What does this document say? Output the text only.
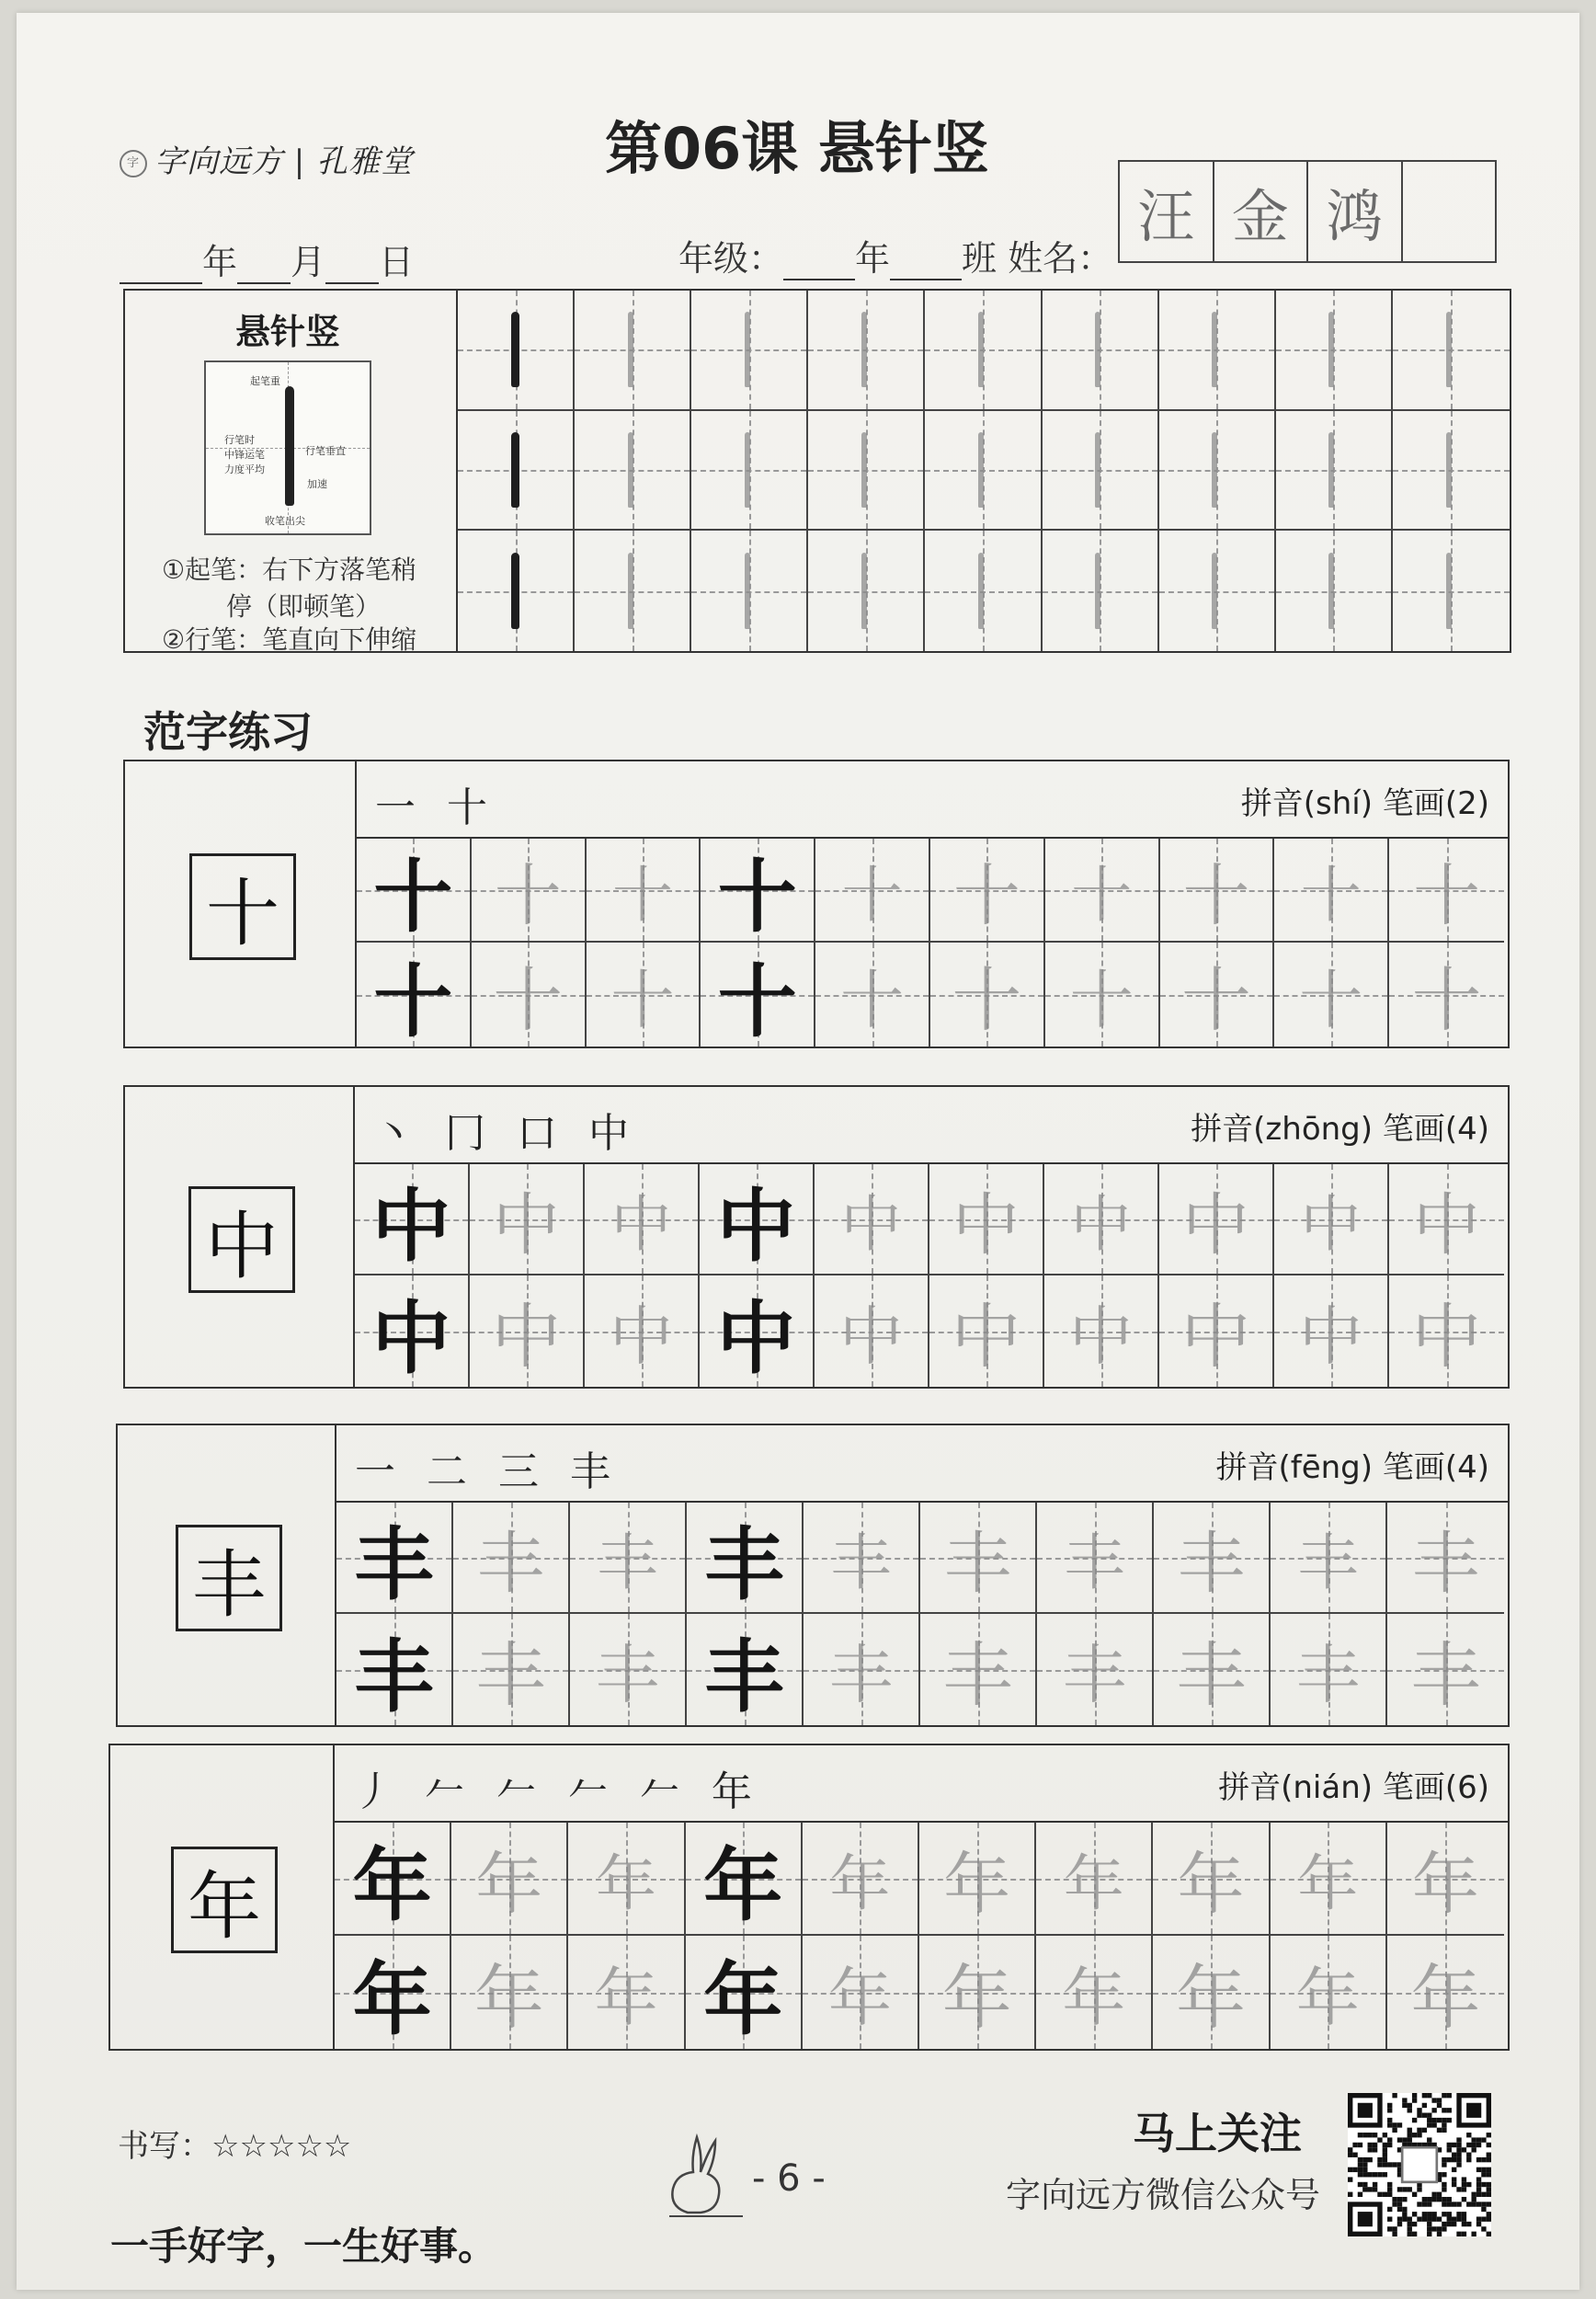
字 字向远方 | 孔雅堂	第06课 悬针竖
年 月 日	年级： 年 班 姓名：
汪 金 鸿
悬针竖
起笔重
行笔时
中锋运笔
力度平均
行笔垂直
加速
收笔出尖
①起笔：右下方落笔稍
停（即顿笔）
②行笔：笔直向下伸缩
范字练习
十
一 十	拼音(shí) 笔画(2)
十 十 十 十 十 十 十 十 十 十
十 十 十 十 十 十 十 十 十 十
中
丶 冂 口 中	拼音(zhōng) 笔画(4)
中 中 中 中 中 中 中 中 中 中
中 中 中 中 中 中 中 中 中 中
丰
一 二 三 丰	拼音(fēng) 笔画(4)
丰 丰 丰 丰 丰 丰 丰 丰 丰 丰
丰 丰 丰 丰 丰 丰 丰 丰 丰 丰
年
丿 𠂉 𠂉 𠂉 𠂉 年	拼音(nián) 笔画(6)
年 年 年 年 年 年 年 年 年 年
年 年 年 年 年 年 年 年 年 年
书写：☆☆☆☆☆
一手好字，一生好事。
- 6 -
马上关注
字向远方微信公众号
